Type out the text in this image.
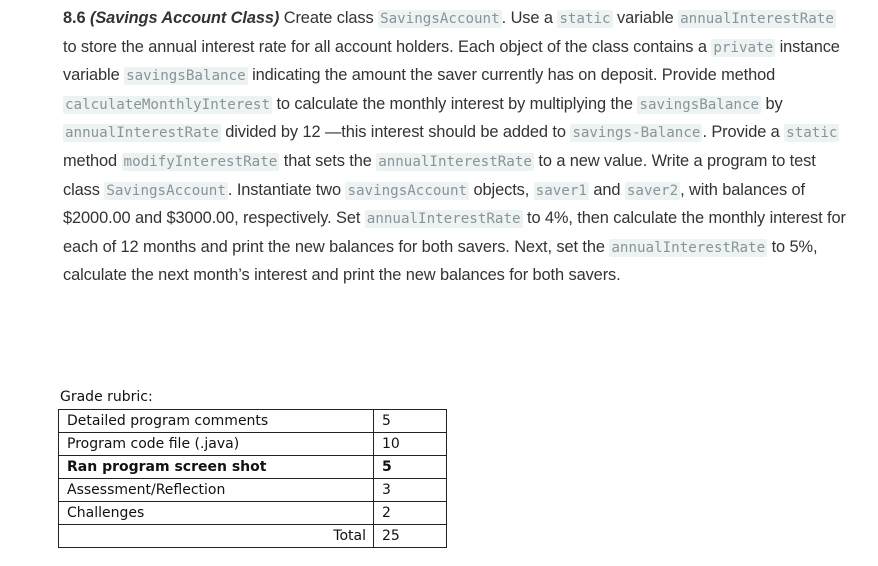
8.6 (Savings Account Class) Create class SavingsAccount . Use a static variable annualInterestRate to store the annual interest rate for all account holders. Each object of the class contains a private instance variable savingsBalance indicating the amount the saver currently has on deposit. Provide method calculateMonthlyInterest to calculate the monthly interest by multiplying the savingsBalance by annualInterestRate divided by 12 —this interest should be added to savings-Balance . Provide a static method modifyInterestRate that sets the annualInterestRate to a new value. Write a program to test class SavingsAccount . Instantiate two savingsAccount objects, saver1 and saver2 , with balances of $2000.00 and $3000.00, respectively. Set annualInterestRate to 4%, then calculate the monthly interest for each of 12 months and print the new balances for both savers. Next, set the annualInterestRate to 5%, calculate the next month’s interest and print the new balances for both savers.

Grade rubric:
Detailed program comments	5
Program code file (.java)	10
Ran program screen shot	5
Assessment/Reflection	3
Challenges	2
Total	25
